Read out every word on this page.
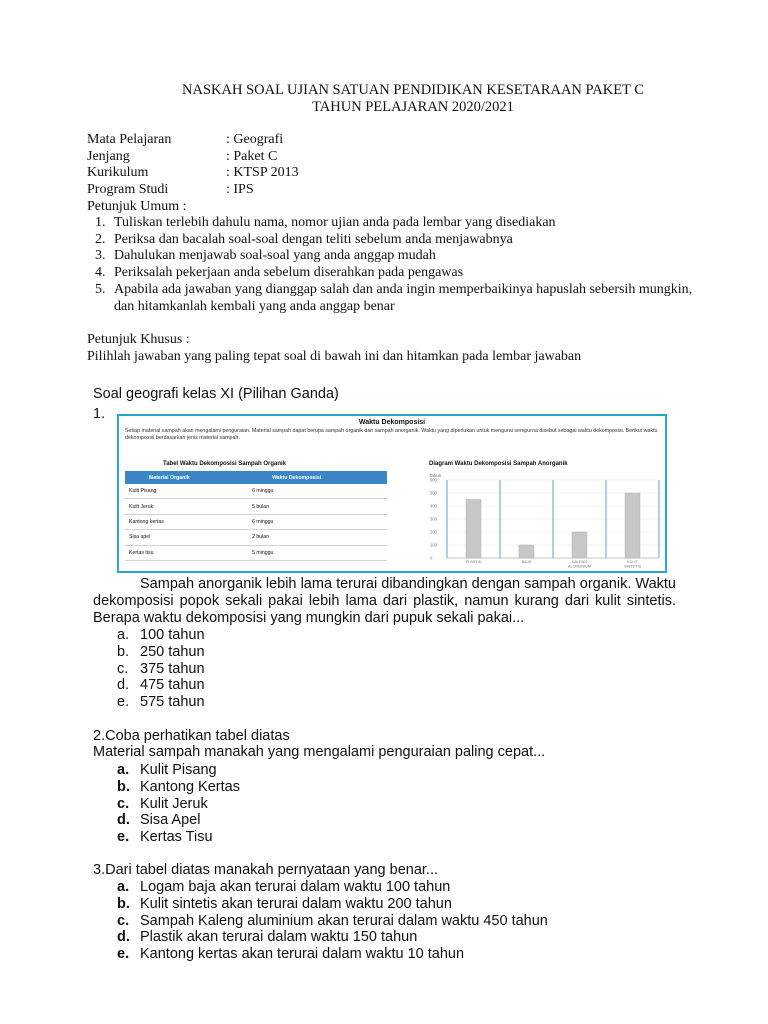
NASKAH SOAL UJIAN SATUAN PENDIDIKAN KESETARAAN PAKET C
TAHUN PELAJARAN 2020/2021
Mata Pelajaran	: Geografi
Jenjang	: Paket C
Kurikulum	: KTSP 2013
Program Studi	: IPS
Petunjuk Umum :
1. Tuliskan terlebih dahulu nama, nomor ujian anda pada lembar yang disediakan
2. Periksa dan bacalah soal-soal dengan teliti sebelum anda menjawabnya
3. Dahulukan menjawab soal-soal yang anda anggap mudah
4. Periksalah pekerjaan anda sebelum diserahkan pada pengawas
5. Apabila ada jawaban yang dianggap salah dan anda ingin memperbaikinya hapuslah sebersih mungkin, dan hitamkanlah kembali yang anda anggap benar
Petunjuk Khusus :
Pilihlah jawaban yang paling tepat soal di bawah ini dan hitamkan pada lembar jawaban
Soal geografi kelas XI (Pilihan Ganda)
1.
Waktu Dekomposisi
Setiap material sampah akan mengalami penguraian. Material sampah dapat berupa sampah organik dan sampah anorganik. Waktu yang diperlukan untuk mengurai sempurna disebut sebagai waktu dekomposisi. Berikut waktu dekomposisi berdasarkan jenis material sampah.
Tabel Waktu Dekomposisi Sampah Organik
Material Organik	Waktu Dekomposisi
Kulit Pisang	6 minggu
Kulit Jeruk	5 bulan
Kantong kertas	6 minggu
Sisa apel	2 bulan
Kertas tisu	5 minggu
Diagram Waktu Dekomposisi Sampah Anorganik
Tahun
0
100
200
300
400
500
600
PLASTIK	BAJA	KALENG
ALUMUNIUM
KULIT
SINTETIS
Sampah anorganik lebih lama terurai dibandingkan dengan sampah organik. Waktu dekomposisi popok sekali pakai lebih lama dari plastik, namun kurang dari kulit sintetis. Berapa waktu dekomposisi yang mungkin dari pupuk sekali pakai...
a. 100 tahun
b. 250 tahun
c. 375 tahun
d. 475 tahun
e. 575 tahun
2.Coba perhatikan tabel diatas
Material sampah manakah yang mengalami penguraian paling cepat...
a. Kulit Pisang
b. Kantong Kertas
c. Kulit Jeruk
d. Sisa Apel
e. Kertas Tisu
3.Dari tabel diatas manakah pernyataan yang benar...
a. Logam baja akan terurai dalam waktu 100 tahun
b. Kulit sintetis akan terurai dalam waktu 200 tahun
c. Sampah Kaleng aluminium akan terurai dalam waktu 450 tahun
d. Plastik akan terurai dalam waktu 150 tahun
e. Kantong kertas akan terurai dalam waktu 10 tahun
